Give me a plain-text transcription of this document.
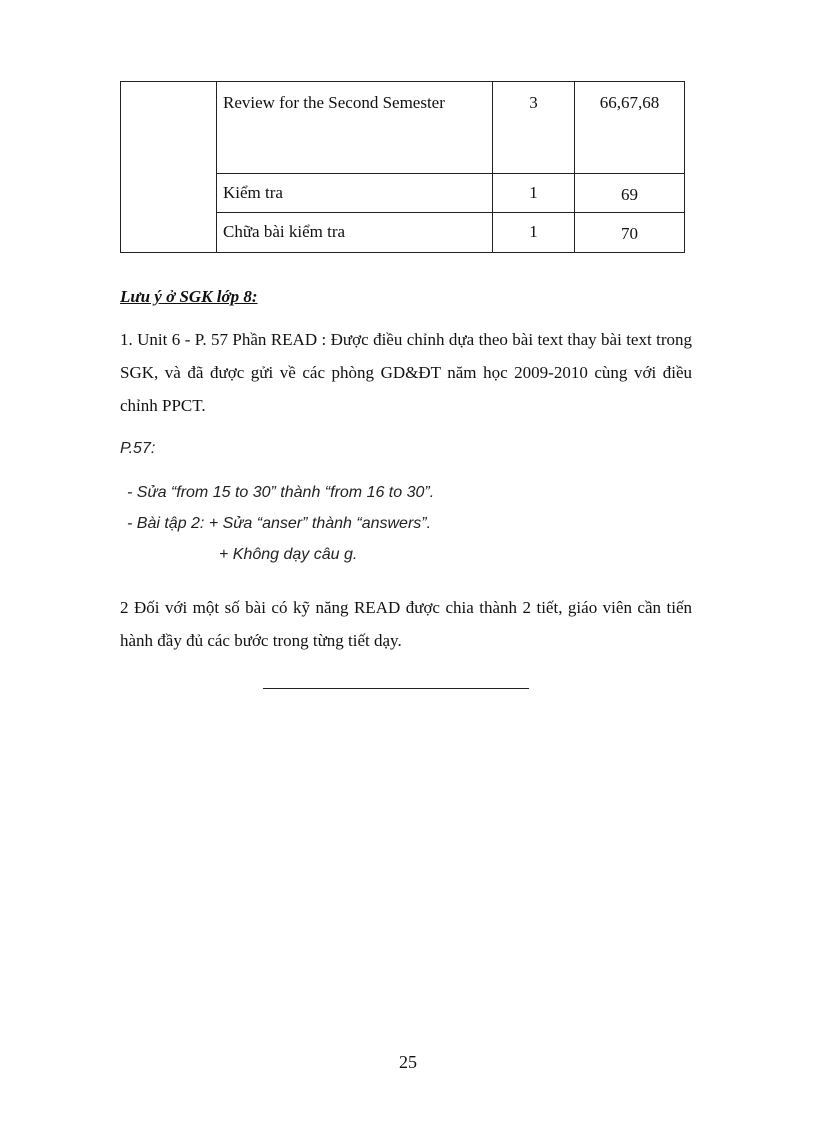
	Review for the Second Semester	3	66,67,68

	Kiểm tra	1	69

	Chữa bài kiểm tra	1	70
Lưu ý ở SGK lớp 8:
1. Unit 6 - P. 57 Phần READ : Được điều chỉnh dựa theo bài text thay bài text trong SGK, và đã được gửi về các phòng GD&ĐT năm học 2009-2010 cùng với điều chỉnh PPCT.
P.57:
- Sửa “from 15 to 30” thành “from 16 to 30”.
- Bài tập 2: + Sửa “anser” thành “answers”.
+ Không dạy câu g.
2 Đối với một số bài có kỹ năng READ được chia thành 2 tiết, giáo viên cần tiến hành đầy đủ các bước trong từng tiết dạy.
25
